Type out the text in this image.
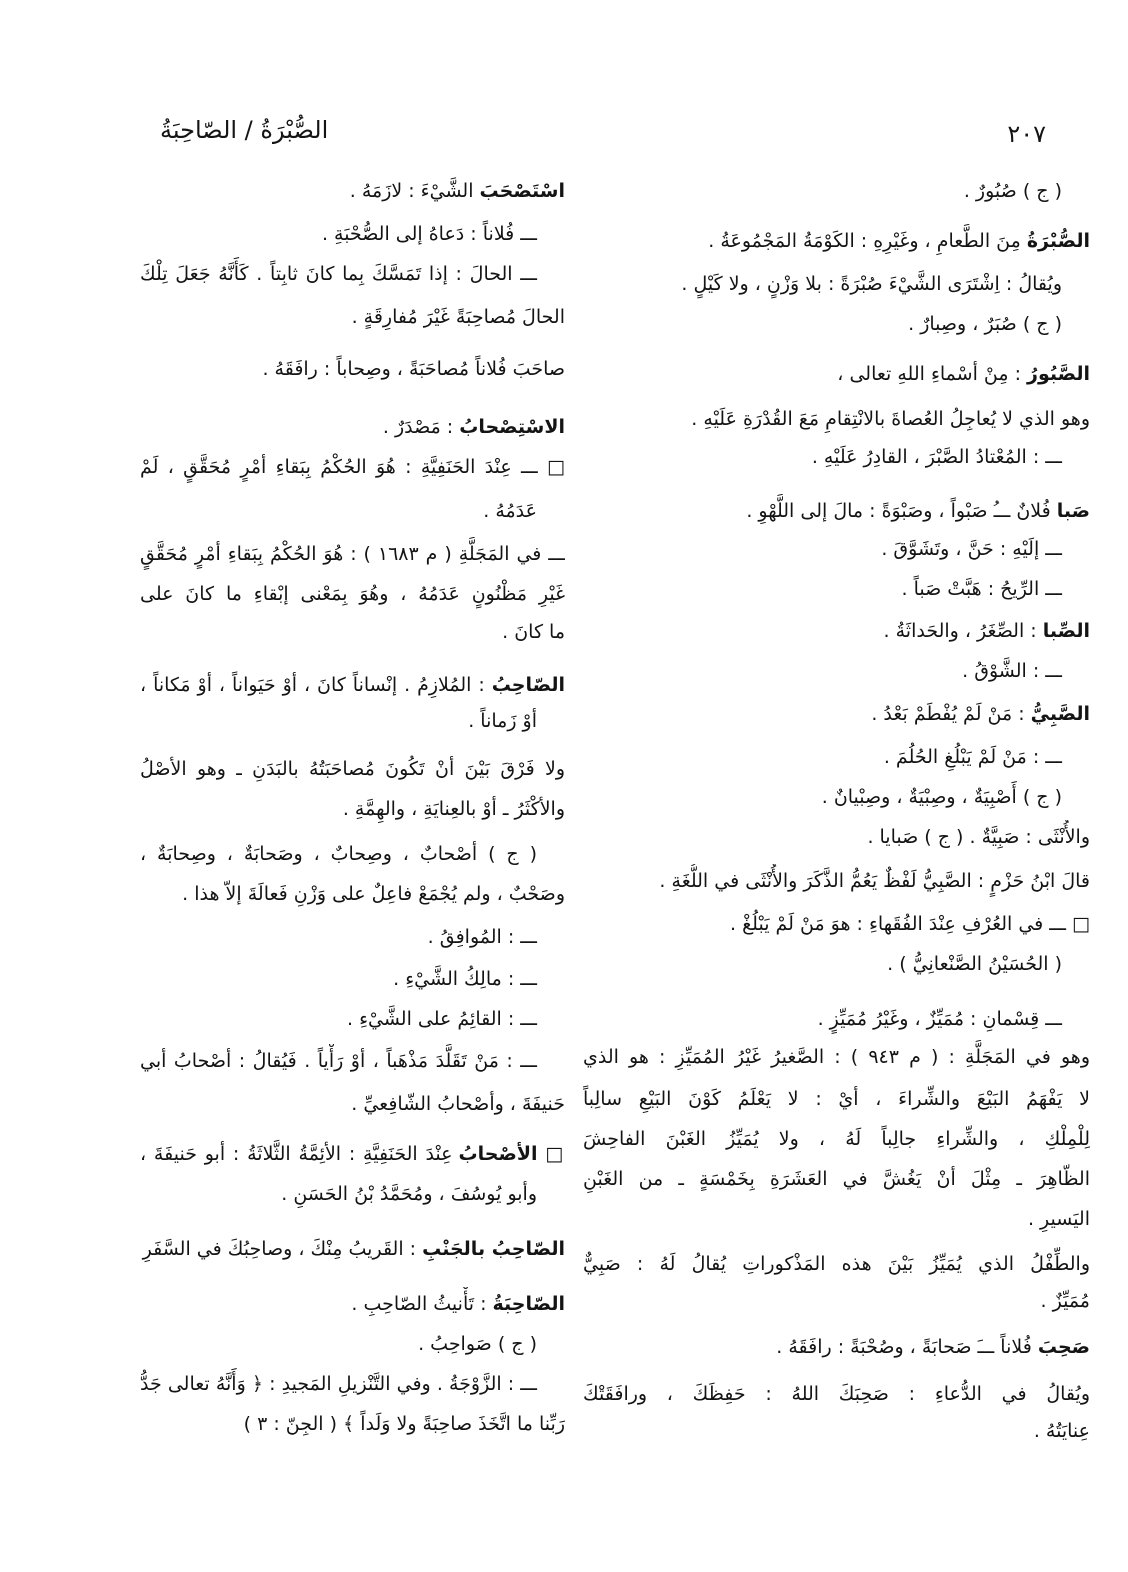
٢٠٧
الصُّبْرَةُ / الصّاحِبَةُ
( ج ) صُبُورٌ .
الصُّبْرَةُ مِنَ الطَّعامِ ، وغَيْرِهِ : الكَوْمَةُ المَجْمُوعَةُ .
ويُقالُ : اِشْتَرَى الشَّيْءَ صُبْرَةً : بلا وَزْنٍ ، ولا كَيْلٍ .
( ج ) صُبَرٌ ، وصِبارٌ .
الصَّبُورُ : مِنْ أسْماءِ اللهِ تعالى ،
وهو الذي لا يُعاجِلُ العُصاةَ بالانْتِقامِ مَعَ القُدْرَةِ عَلَيْهِ .
ـــ : المُعْتادُ الصَّبْرَ ، القادِرُ عَلَيْهِ .
صَبا فُلانٌ ـــُ صَبْواً ، وصَبْوَةً : مالَ إلى اللَّهْوِ .
ـــ إلَيْهِ : حَنَّ ، وتَشَوَّقَ .
ـــ الرِّيحُ : هَبَّتْ صَباً .
الصِّبا : الصِّغَرُ ، والحَداثَةُ .
ـــ : الشَّوْقُ .
الصَّبِيُّ : مَنْ لَمْ يُفْطَمْ بَعْدُ .
ـــ : مَنْ لَمْ يَبْلُغِ الحُلُمَ .
( ج ) أَصْبِيَةٌ ، وصِبْيَةٌ ، وصِبْيانٌ .
والأُنْثَى : صَبِيَّةٌ . ( ج ) صَبايا .
قالَ ابْنُ حَزْمٍ : الصَّبِيُّ لَفْظٌ يَعُمُّ الذَّكَرَ والأُنْثَى في اللُّغَةِ .
□ ـــ في العُرْفِ عِنْدَ الفُقَهاءِ : هوَ مَنْ لَمْ يَبْلُغْ .
( الحُسَيْنُ الصَّنْعانِيُّ ) .
ـــ قِسْمانِ : مُمَيِّزٌ ، وغَيْرُ مُمَيِّزٍ .
وهو في المَجَلَّةِ : ( م ٩٤٣ ) : الصَّغيرُ غَيْرُ المُمَيِّزِ : هو الذي
لا يَفْهَمُ البَيْعَ والشِّراءَ ، أيْ : لا يَعْلَمُ كَوْنَ البَيْعِ سالِباً
لِلْمِلْكِ ، والشِّراءِ جالِباً لَهُ ، ولا يُمَيِّزُ الغَبْنَ الفاحِشَ
الظّاهِرَ ـ مِثْلَ أنْ يَغُشَّ في العَشَرَةِ بِخَمْسَةٍ ـ من الغَبْنِ
اليَسيرِ .
والطِّفْلُ الذي يُمَيِّزُ بَيْنَ هذه المَذْكوراتِ يُقالُ لَهُ : صَبِيٌّ
مُمَيِّزٌ .
صَحِبَ فُلاناً ـــَ صَحابَةً ، وصُحْبَةً : رافَقَهُ .
ويُقالُ في الدُّعاءِ : صَحِبَكَ اللهُ : حَفِظَكَ ، ورافَقَتْكَ
عِنايَتُهُ .
اسْتَصْحَبَ الشَّيْءَ : لازَمَهُ .
ـــ فُلاناً : دَعاهُ إلى الصُّحْبَةِ .
ـــ الحالَ : إذا تَمَسَّكَ بِما كانَ ثابِتاً . كَأَنَّهُ جَعَلَ تِلْكَ
الحالَ مُصاحِبَةً غَيْرَ مُفارِقَةٍ .
صاحَبَ فُلاناً مُصاحَبَةً ، وصِحاباً : رافَقَهُ .
الاسْتِصْحابُ : مَصْدَرٌ .
□ ـــ عِنْدَ الحَنَفِيَّةِ : هُوَ الحُكْمُ بِبَقاءِ أمْرٍ مُحَقَّقٍ ، لَمْ
عَدَمُهُ .
ـــ في المَجَلَّةِ ( م ١٦٨٣ ) : هُوَ الحُكْمُ بِبَقاءِ أمْرٍ مُحَقَّقٍ
غَيْرِ مَظْنُونٍ عَدَمُهُ ، وهُوَ بِمَعْنى إبْقاءِ ما كانَ على
ما كانَ .
الصّاحِبُ : المُلازِمُ . إنْساناً كانَ ، أوْ حَيَواناً ، أوْ مَكاناً ،
أوْ زَماناً .
ولا فَرْقَ بَيْنَ أنْ تَكُونَ مُصاحَبَتُهُ بالبَدَنِ ـ وهو الأصْلُ
والأكْثَرُ ـ أوْ بالعِنايَةِ ، والهِمَّةِ .
( ج ) أصْحابٌ ، وصِحابٌ ، وصَحابَةٌ ، وصِحابَةٌ ،
وصَحْبٌ ، ولم يُجْمَعْ فاعِلٌ على وَزْنِ فَعالَةَ إلاّ هذا .
ـــ : المُوافِقُ .
ـــ : مالِكُ الشَّيْءِ .
ـــ : القائِمُ على الشَّيْءِ .
ـــ : مَنْ تَقَلَّدَ مَذْهَباً ، أوْ رَأْياً . فَيُقالُ : أصْحابُ أبي
حَنيفَةَ ، وأصْحابُ الشّافِعيِّ .
□ الأصْحابُ عِنْدَ الحَنَفِيَّةِ : الأئِمَّةُ الثَّلاثَةُ : أبو حَنيفَةَ ،
وأبو يُوسُفَ ، ومُحَمَّدُ بْنُ الحَسَنِ .
الصّاحِبُ بالجَنْبِ : القَريبُ مِنْكَ ، وصاحِبُكَ في السَّفَرِ
الصّاحِبَةُ : تَأْنيثُ الصّاحِبِ .
( ج ) صَواحِبُ .
ـــ : الزَّوْجَةُ . وفي التَّنْزيلِ المَجيدِ : ﴿ وَأَنَّهُ تعالى جَدُّ
رَبِّنا ما اتَّخَذَ صاحِبَةً ولا وَلَداً ﴾ ( الجِنّ : ٣ )
